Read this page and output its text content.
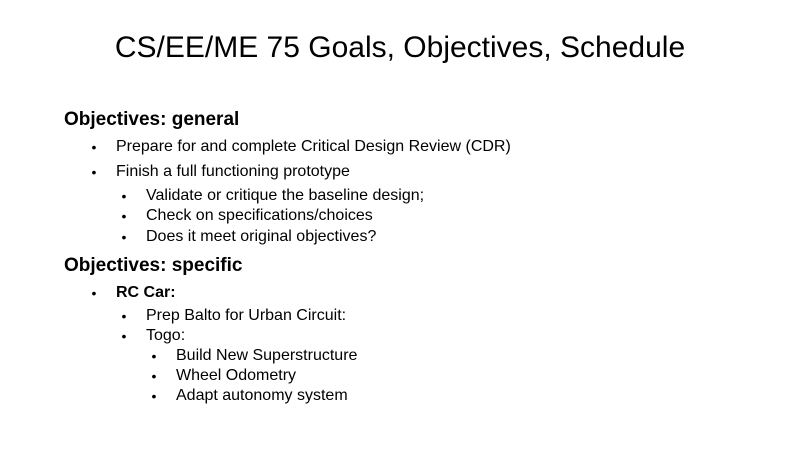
CS/EE/ME 75 Goals, Objectives, Schedule
Objectives: general
• Prepare for and complete Critical Design Review (CDR)
• Finish a full functioning prototype
• Validate or critique the baseline design;
• Check on specifications/choices
• Does it meet original objectives?
Objectives: specific
• RC Car:
• Prep Balto for Urban Circuit:
• Togo:
• Build New Superstructure
• Wheel Odometry
• Adapt autonomy system
